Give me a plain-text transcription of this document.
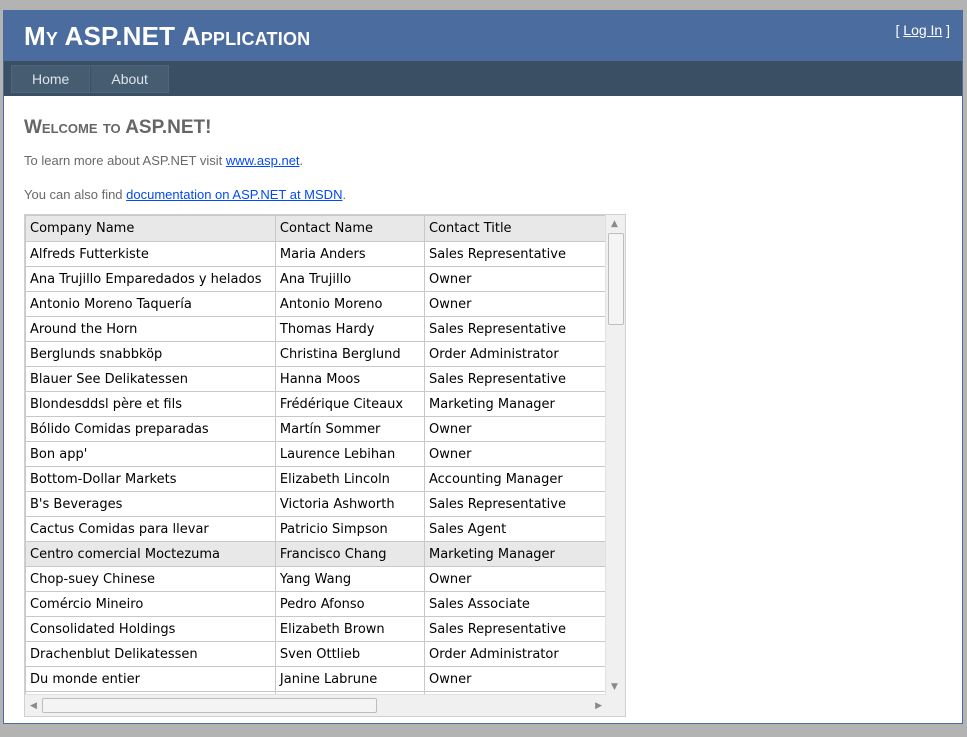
My ASP.NET Application	[ Log In ]
Home	About
Welcome to ASP.NET!
To learn more about ASP.NET visit www.asp.net.
You can also find documentation on ASP.NET at MSDN.
Company Name	Contact Name	Contact Title
Alfreds Futterkiste	Maria Anders	Sales Representative
Ana Trujillo Emparedados y helados	Ana Trujillo	Owner
Antonio Moreno Taquería	Antonio Moreno	Owner
Around the Horn	Thomas Hardy	Sales Representative
Berglunds snabbköp	Christina Berglund	Order Administrator
Blauer See Delikatessen	Hanna Moos	Sales Representative
Blondesddsl père et fils	Frédérique Citeaux	Marketing Manager
Bólido Comidas preparadas	Martín Sommer	Owner
Bon app'	Laurence Lebihan	Owner
Bottom-Dollar Markets	Elizabeth Lincoln	Accounting Manager
B's Beverages	Victoria Ashworth	Sales Representative
Cactus Comidas para llevar	Patricio Simpson	Sales Agent
Centro comercial Moctezuma	Francisco Chang	Marketing Manager
Chop-suey Chinese	Yang Wang	Owner
Comércio Mineiro	Pedro Afonso	Sales Associate
Consolidated Holdings	Elizabeth Brown	Sales Representative
Drachenblut Delikatessen	Sven Ottlieb	Order Administrator
Du monde entier	Janine Labrune	Owner

▲
▼
◀	▶
